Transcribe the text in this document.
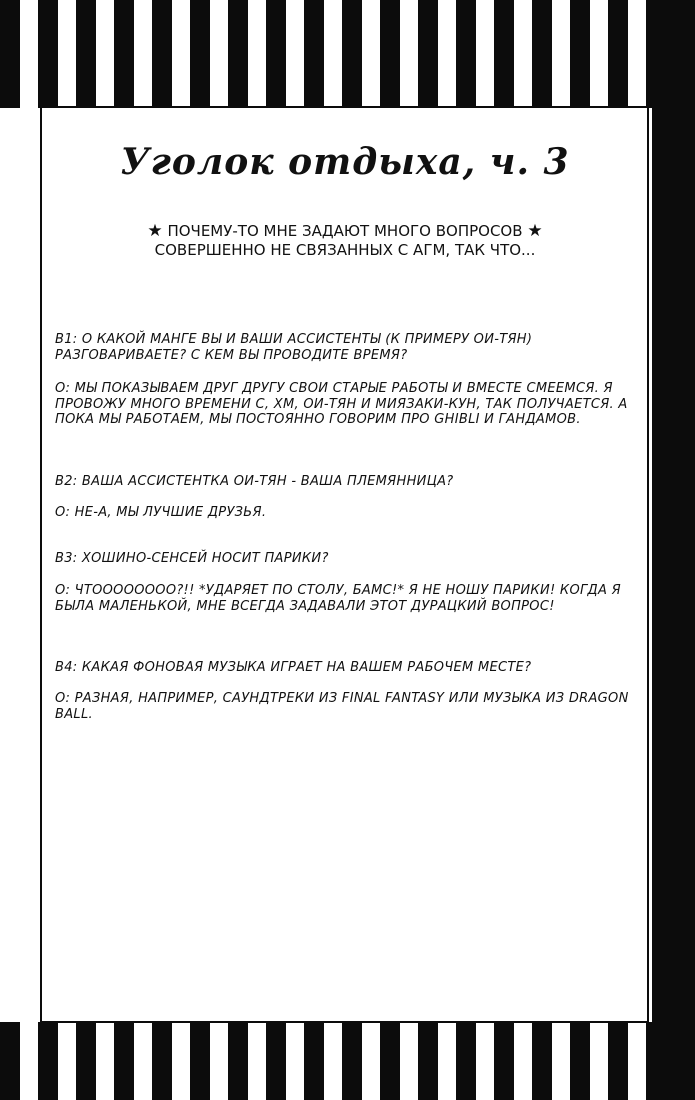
Уголок отдыха, ч. 3
★ ПОЧЕМУ-ТО МНЕ ЗАДАЮТ МНОГО ВОПРОСОВ ★
СОВЕРШЕННО НЕ СВЯЗАННЫХ С АГМ, ТАК ЧТО...

В1: О КАКОЙ МАНГЕ ВЫ И ВАШИ АССИСТЕНТЫ (К ПРИМЕРУ ОИ-ТЯН) РАЗГОВАРИВАЕТЕ? С КЕМ ВЫ ПРОВОДИТЕ ВРЕМЯ?

О: МЫ ПОКАЗЫВАЕМ ДРУГ ДРУГУ СВОИ СТАРЫЕ РАБОТЫ И ВМЕСТЕ СМЕЕМСЯ. Я ПРОВОЖУ МНОГО ВРЕМЕНИ С, ХМ, ОИ-ТЯН И МИЯЗАКИ-КУН, ТАК ПОЛУЧАЕТСЯ. А ПОКА МЫ РАБОТАЕМ, МЫ ПОСТОЯННО ГОВОРИМ ПРО GHIBLI И ГАНДАМОВ.

В2: ВАША АССИСТЕНТКА ОИ-ТЯН - ВАША ПЛЕМЯННИЦА?

О: НЕ-А, МЫ ЛУЧШИЕ ДРУЗЬЯ.

В3: ХОШИНО-СЕНСЕЙ НОСИТ ПАРИКИ?

О: ЧТОООООООО?!! *УДАРЯЕТ ПО СТОЛУ, БАМС!* Я НЕ НОШУ ПАРИКИ! КОГДА Я БЫЛА МАЛЕНЬКОЙ, МНЕ ВСЕГДА ЗАДАВАЛИ ЭТОТ ДУРАЦКИЙ ВОПРОС!

В4: КАКАЯ ФОНОВАЯ МУЗЫКА ИГРАЕТ НА ВАШЕМ РАБОЧЕМ МЕСТЕ?

О: РАЗНАЯ, НАПРИМЕР, САУНДТРЕКИ ИЗ FINAL FANTASY ИЛИ МУЗЫКА ИЗ DRAGON BALL.
